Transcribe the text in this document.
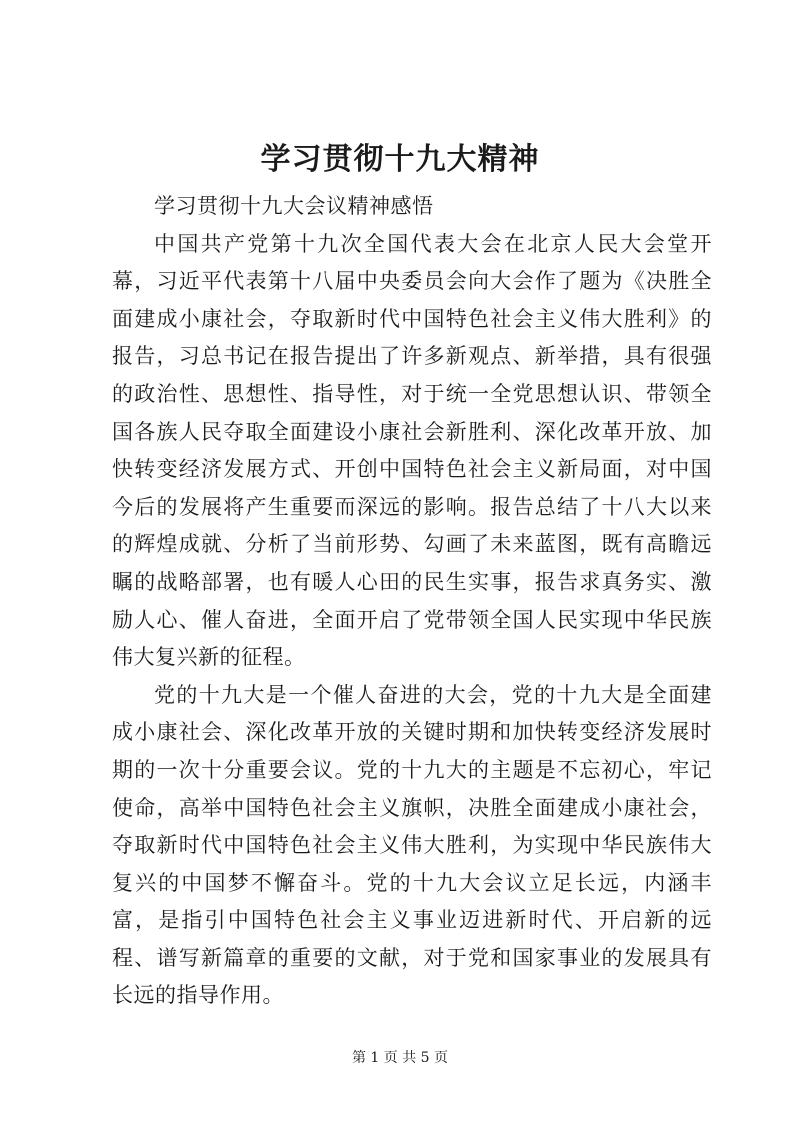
学习贯彻十九大精神

学习贯彻十九大会议精神感悟

中国共产党第十九次全国代表大会在北京人民大会堂开幕，习近平代表第十八届中央委员会向大会作了题为《决胜全面建成小康社会，夺取新时代中国特色社会主义伟大胜利》的报告，习总书记在报告提出了许多新观点、新举措，具有很强的政治性、思想性、指导性，对于统一全党思想认识、带领全国各族人民夺取全面建设小康社会新胜利、深化改革开放、加快转变经济发展方式、开创中国特色社会主义新局面，对中国今后的发展将产生重要而深远的影响。报告总结了十八大以来的辉煌成就、分析了当前形势、勾画了未来蓝图，既有高瞻远瞩的战略部署，也有暖人心田的民生实事，报告求真务实、激励人心、催人奋进，全面开启了党带领全国人民实现中华民族伟大复兴新的征程。

党的十九大是一个催人奋进的大会，党的十九大是全面建成小康社会、深化改革开放的关键时期和加快转变经济发展时期的一次十分重要会议。党的十九大的主题是不忘初心，牢记使命，高举中国特色社会主义旗帜，决胜全面建成小康社会，夺取新时代中国特色社会主义伟大胜利，为实现中华民族伟大复兴的中国梦不懈奋斗。党的十九大会议立足长远，内涵丰富，是指引中国特色社会主义事业迈进新时代、开启新的远程、谱写新篇章的重要的文献，对于党和国家事业的发展具有长远的指导作用。

第 1 页 共 5 页
